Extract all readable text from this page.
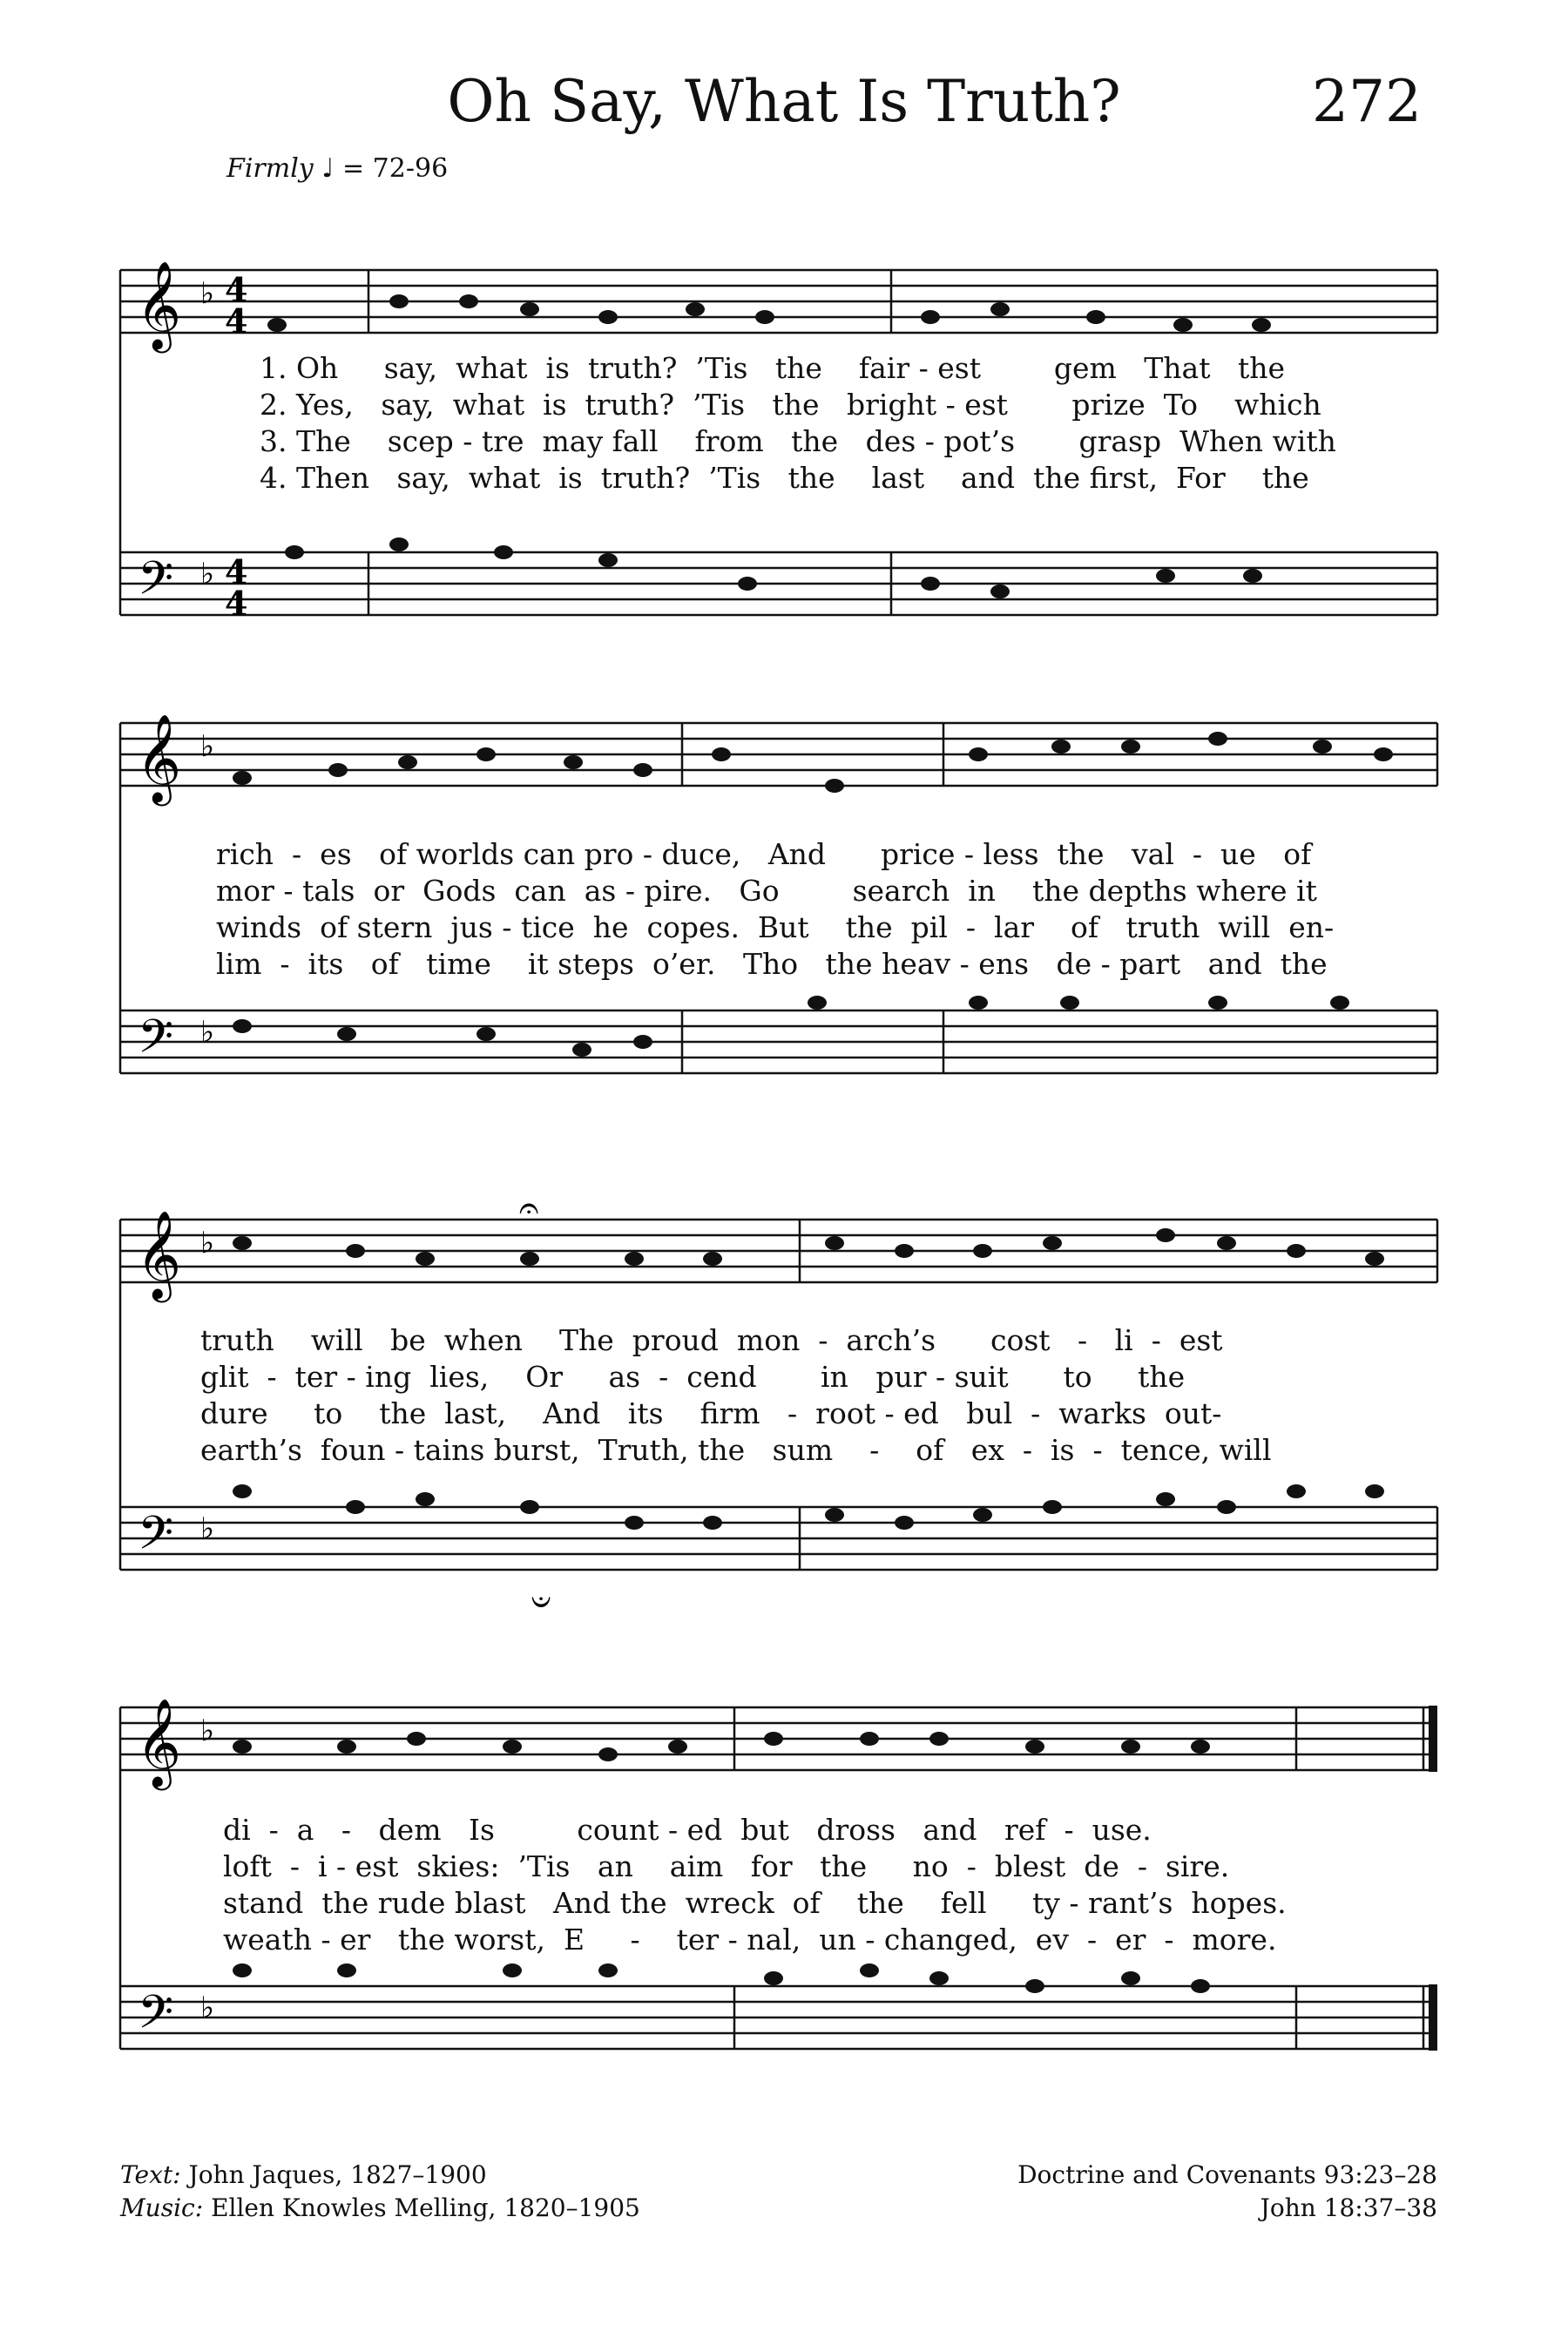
Oh Say, What Is Truth?	272
Firmly ♩ = 72-96
𝄞
𝄢
♭
♭
4
4
4
4
1. Oh     say,  what  is  truth?  ’Tis   the    fair - est        gem   That   the
2. Yes,   say,  what  is  truth?  ’Tis   the   bright - est       prize  To    which
3. The    scep - tre  may fall    from   the   des - pot’s       grasp  When with
4. Then   say,  what  is  truth?  ’Tis   the    last    and  the first,  For    the
𝄞
𝄢
♭
♭
rich  -  es   of worlds can pro - duce,   And      price - less  the   val  -  ue   of
mor - tals  or  Gods  can  as - pire.   Go        search  in    the depths where it
winds  of stern  jus - tice  he  copes.  But    the  pil  -  lar    of   truth  will  en-
lim  -  its   of   time    it steps  o’er.   Tho   the heav - ens   de - part   and  the
𝄞
𝄢
♭
♭
𝄐
𝄑
truth    will   be  when    The  proud  mon  -  arch’s      cost   -   li  -  est
glit  -  ter - ing  lies,    Or     as  -  cend       in   pur - suit      to     the
dure     to    the  last,    And   its    firm   -  root - ed   bul  -  warks  out-
earth’s  foun - tains burst,  Truth, the   sum    -    of   ex  -  is  -  tence, will
𝄞
𝄢
♭
♭
di  -  a   -   dem   Is         count - ed  but   dross   and   ref  -  use.
loft  -  i - est  skies:  ’Tis   an    aim   for   the     no  -  blest  de  -  sire.
stand  the rude blast   And the  wreck  of    the    fell     ty - rant’s  hopes.
weath - er   the worst,  E     -    ter - nal,  un - changed,  ev  -  er  -  more.
Text: John Jaques, 1827–1900
Music: Ellen Knowles Melling, 1820–1905
Doctrine and Covenants 93:23–28
John 18:37–38
